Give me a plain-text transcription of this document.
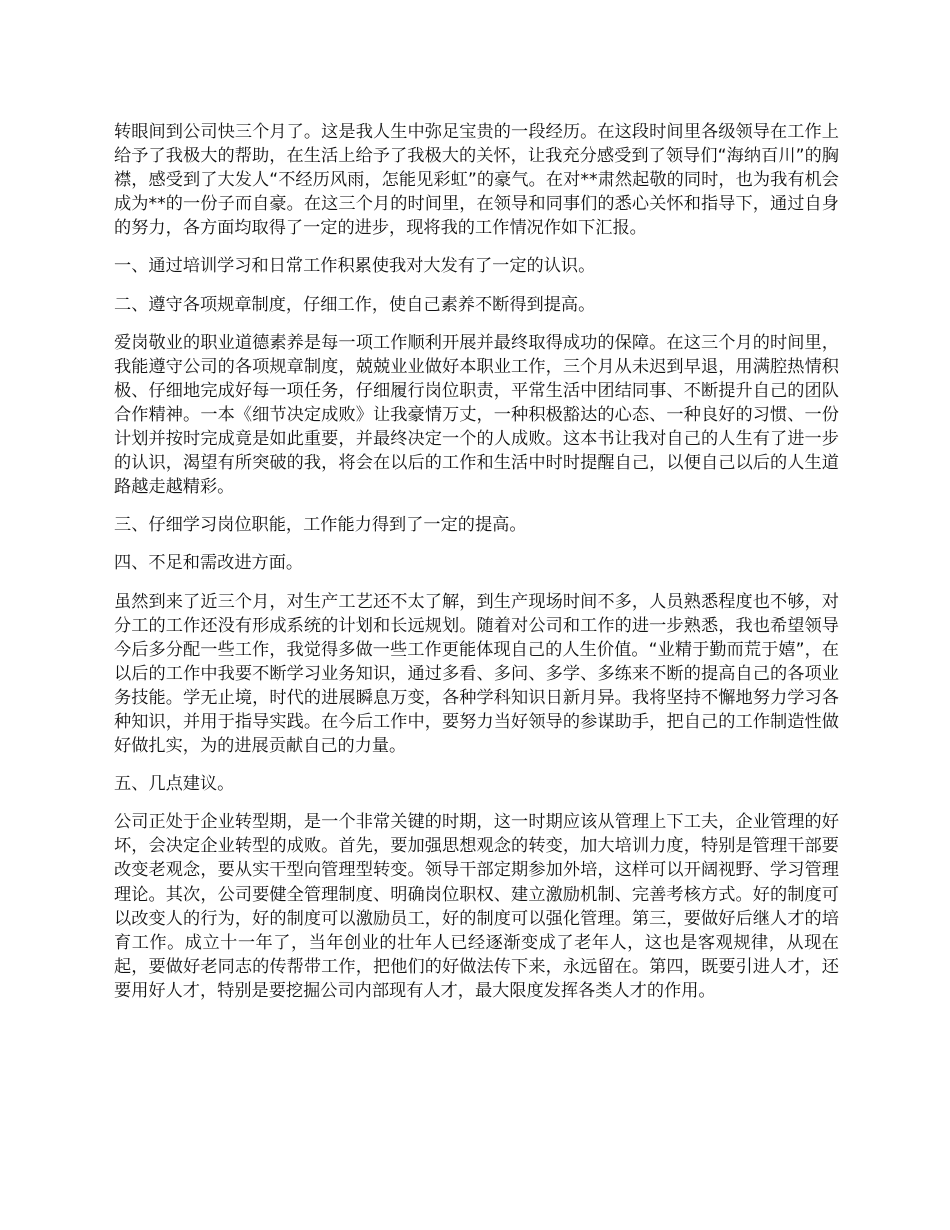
转眼间到公司快三个月了。这是我人生中弥足宝贵的一段经历。在这段时间里各级领导在工作上给予了我极大的帮助，在生活上给予了我极大的关怀，让我充分感受到了领导们“海纳百川”的胸襟，感受到了大发人“不经历风雨，怎能见彩虹”的豪气。在对**肃然起敬的同时，也为我有机会成为**的一份子而自豪。在这三个月的时间里，在领导和同事们的悉心关怀和指导下，通过自身的努力，各方面均取得了一定的进步，现将我的工作情况作如下汇报。

一、通过培训学习和日常工作积累使我对大发有了一定的认识。

二、遵守各项规章制度，仔细工作，使自己素养不断得到提高。

爱岗敬业的职业道德素养是每一项工作顺利开展并最终取得成功的保障。在这三个月的时间里，我能遵守公司的各项规章制度，兢兢业业做好本职业工作，三个月从未迟到早退，用满腔热情积极、仔细地完成好每一项任务，仔细履行岗位职责，平常生活中团结同事、不断提升自己的团队合作精神。一本《细节决定成败》让我豪情万丈，一种积极豁达的心态、一种良好的习惯、一份计划并按时完成竟是如此重要，并最终决定一个的人成败。这本书让我对自己的人生有了进一步的认识，渴望有所突破的我，将会在以后的工作和生活中时时提醒自己，以便自己以后的人生道路越走越精彩。

三、仔细学习岗位职能，工作能力得到了一定的提高。

四、不足和需改进方面。

虽然到来了近三个月，对生产工艺还不太了解，到生产现场时间不多，人员熟悉程度也不够，对分工的工作还没有形成系统的计划和长远规划。随着对公司和工作的进一步熟悉，我也希望领导今后多分配一些工作，我觉得多做一些工作更能体现自己的人生价值。“业精于勤而荒于嬉”，在以后的工作中我要不断学习业务知识，通过多看、多问、多学、多练来不断的提高自己的各项业务技能。学无止境，时代的进展瞬息万变，各种学科知识日新月异。我将坚持不懈地努力学习各种知识，并用于指导实践。在今后工作中，要努力当好领导的参谋助手，把自己的工作制造性做好做扎实，为的进展贡献自己的力量。

五、几点建议。

公司正处于企业转型期，是一个非常关键的时期，这一时期应该从管理上下工夫，企业管理的好坏，会决定企业转型的成败。首先，要加强思想观念的转变，加大培训力度，特别是管理干部要改变老观念，要从实干型向管理型转变。领导干部定期参加外培，这样可以开阔视野、学习管理理论。其次，公司要健全管理制度、明确岗位职权、建立激励机制、完善考核方式。好的制度可以改变人的行为，好的制度可以激励员工，好的制度可以强化管理。第三，要做好后继人才的培育工作。成立十一年了，当年创业的壮年人已经逐渐变成了老年人，这也是客观规律，从现在起，要做好老同志的传帮带工作，把他们的好做法传下来，永远留在。第四，既要引进人才，还要用好人才，特别是要挖掘公司内部现有人才，最大限度发挥各类人才的作用。
